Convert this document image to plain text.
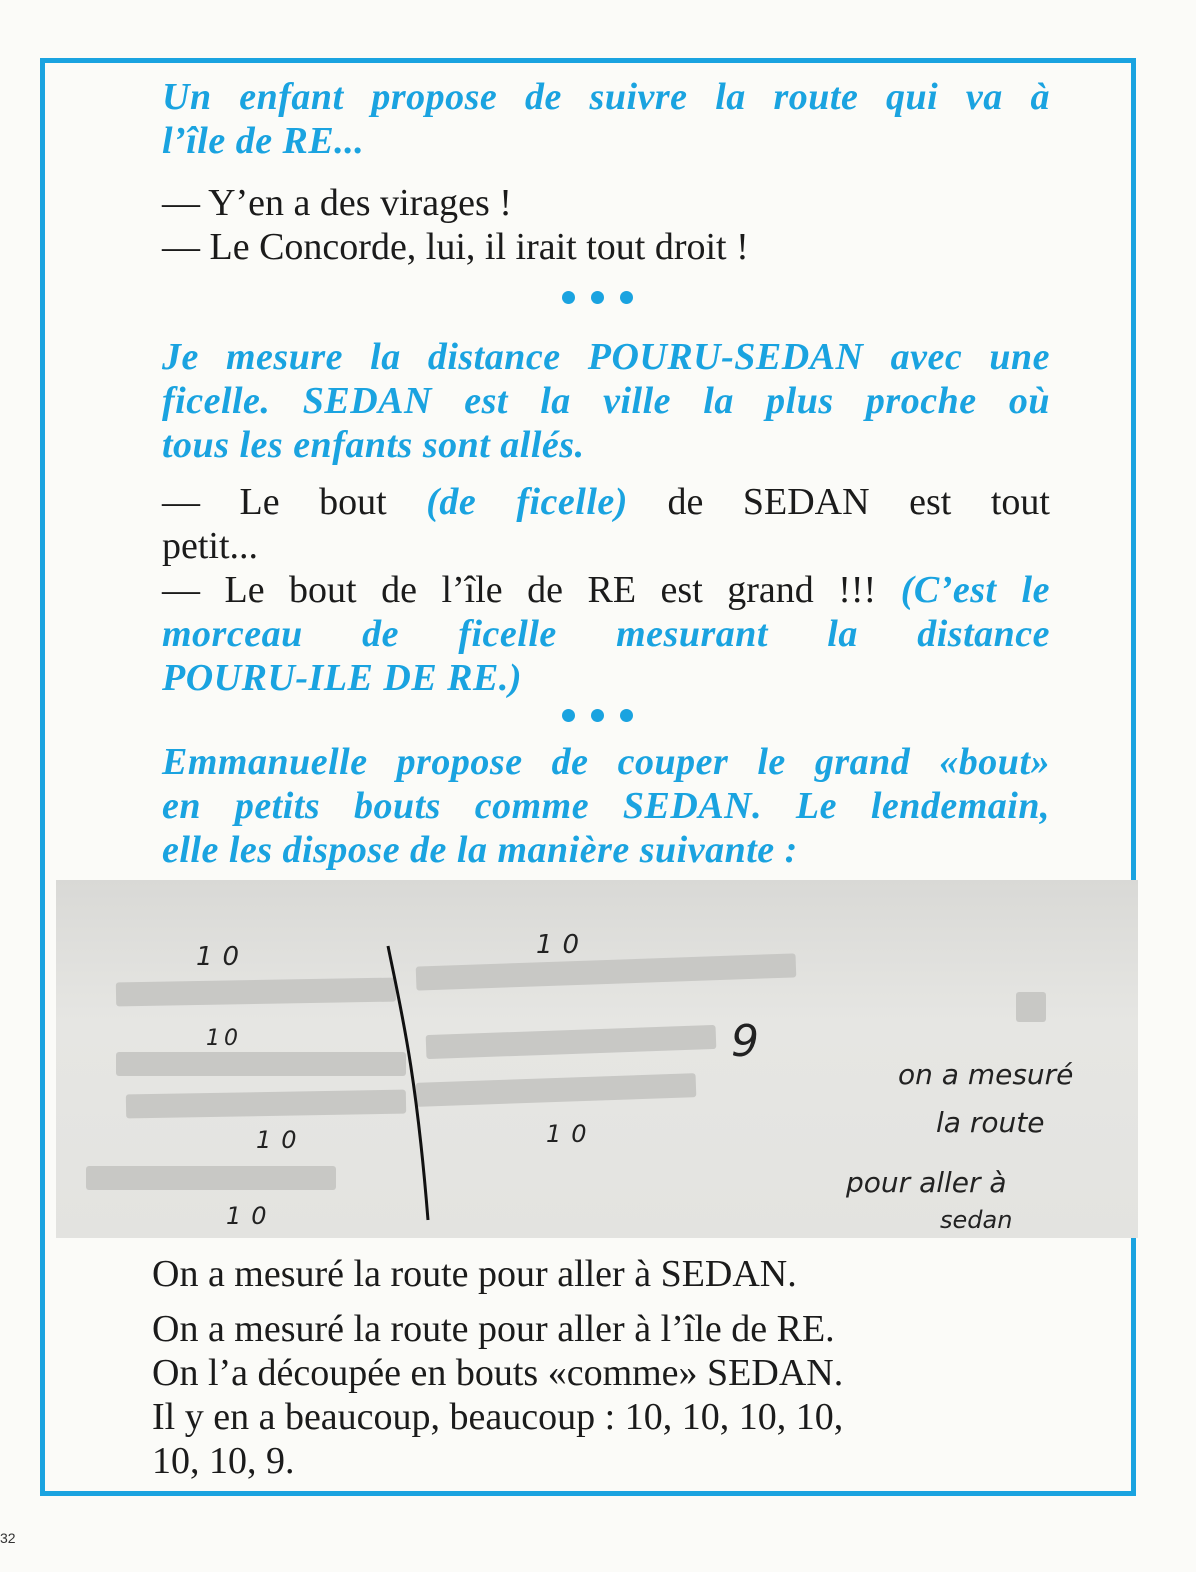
Un enfant propose de suivre la route qui va à
l’île de RE...

— Y’en a des virages !
— Le Concorde, lui, il irait tout droit !

Je mesure la distance POURU-SEDAN avec une
ficelle. SEDAN est la ville la plus proche où
tous les enfants sont allés.

— Le bout (de ficelle) de SEDAN est tout
petit...
— Le bout de l’île de RE est grand !!! (C’est le
morceau de ficelle mesurant la distance
POURU-ILE DE RE.)

Emmanuelle propose de couper le grand «bout»
en petits bouts comme SEDAN. Le lendemain,
elle les dispose de la manière suivante :

10	10
10
10	10
10
9
on a mesuré
la route
pour aller à
sedan

On a mesuré la route pour aller à SEDAN.

On a mesuré la route pour aller à l’île de RE.
On l’a découpée en bouts «comme» SEDAN.
Il y en a beaucoup, beaucoup : 10, 10, 10, 10,
10, 10, 9.

32
